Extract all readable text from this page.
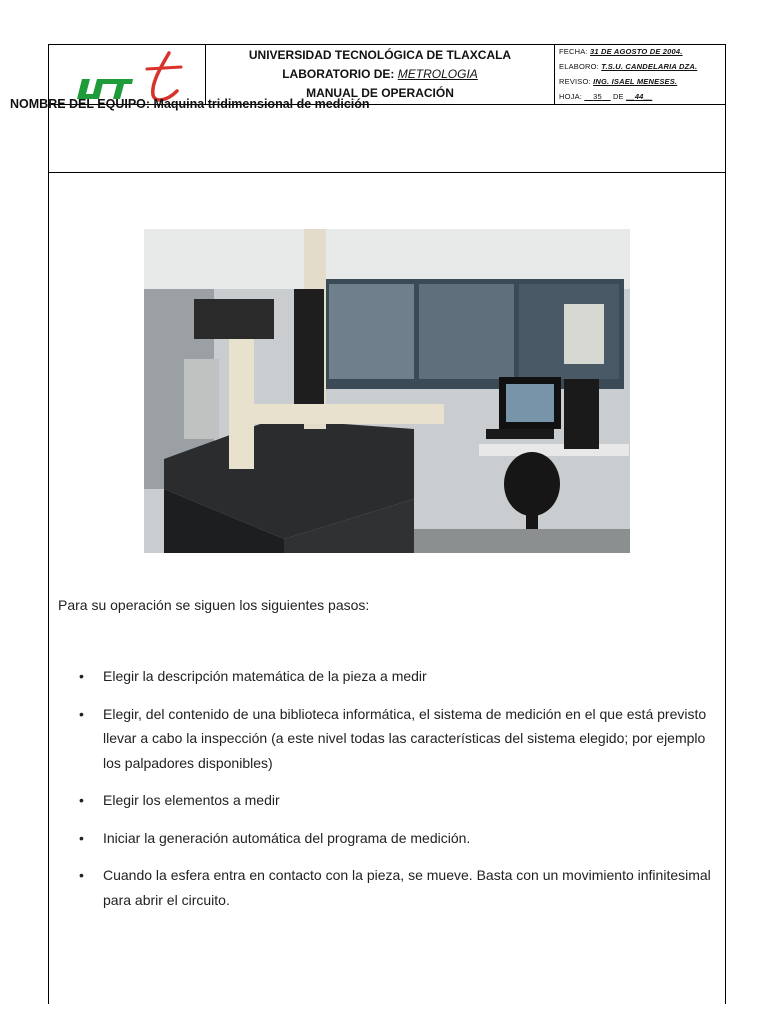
UNIVERSIDAD TECNOLÓGICA DE TLAXCALA
LABORATORIO DE: METROLOGIA
MANUAL DE OPERACIÓN
FECHA: 31 DE AGOSTO DE 2004.
ELABORO: T.S.U. CANDELARIA DZA.
REVISO: ING. ISAEL MENESES.
HOJA: __35__ DE __44__
NOMBRE DEL EQUIPO: Maquina tridimensional de medición
Para su operación se siguen los siguientes pasos:
• Elegir la descripción matemática de la pieza a medir
• Elegir, del contenido de una biblioteca informática, el sistema de medición en el que está previsto llevar a cabo la inspección (a este nivel todas las características del sistema elegido; por ejemplo los palpadores disponibles)
• Elegir los elementos a medir
• Iniciar la generación automática del programa de medición.
• Cuando la esfera entra en contacto con la pieza, se mueve. Basta con un movimiento infinitesimal para abrir el circuito.
